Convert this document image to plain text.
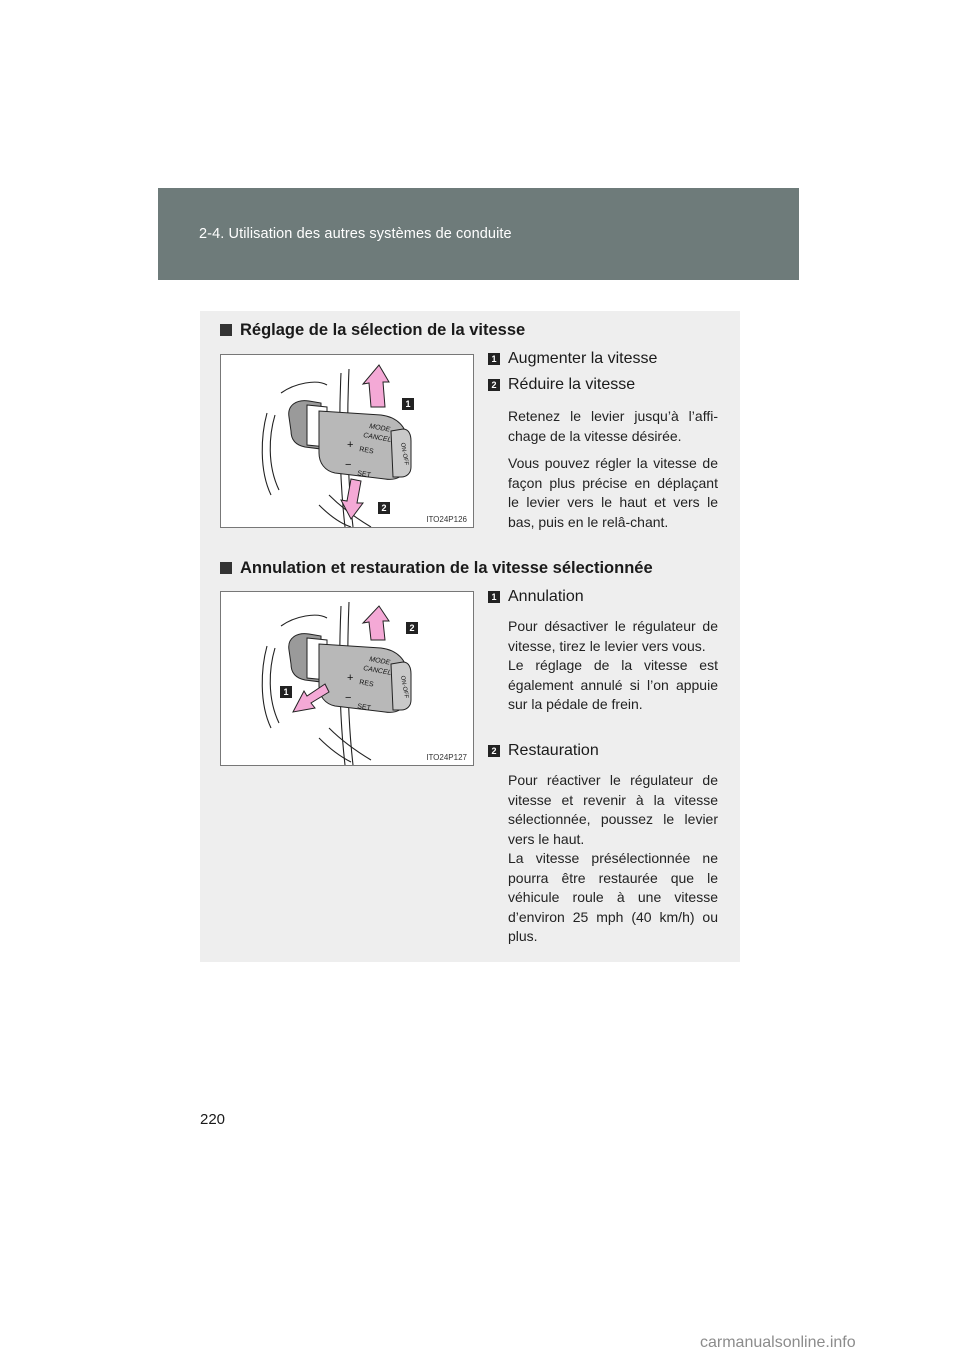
2-4. Utilisation des autres systèmes de conduite
Réglage de la sélection de la vitesse
MODE
CANCEL
+ RES
−
SET
ON·OFF
1
2
ITO24P126
1 Augmenter la vitesse
2 Réduire la vitesse
Retenez le levier jusqu’à l’affi-chage de la vitesse désirée.
Vous pouvez régler la vitesse de façon plus précise en déplaçant le levier vers le haut et vers le bas, puis en le relâ-chant.
Annulation et restauration de la vitesse sélectionnée
MODE
CANCEL
+ RES
−
SET
ON·OFF
1
2
ITO24P127
1 Annulation
Pour désactiver le régulateur de vitesse, tirez le levier vers vous.
Le réglage de la vitesse est également annulé si l’on appuie sur la pédale de frein.
2 Restauration
Pour réactiver le régulateur de vitesse et revenir à la vitesse sélectionnée, poussez le levier vers le haut.
La vitesse présélectionnée ne pourra être restaurée que le véhicule roule à une vitesse d’environ 25 mph (40 km/h) ou plus.
220
carmanualsonline.info
